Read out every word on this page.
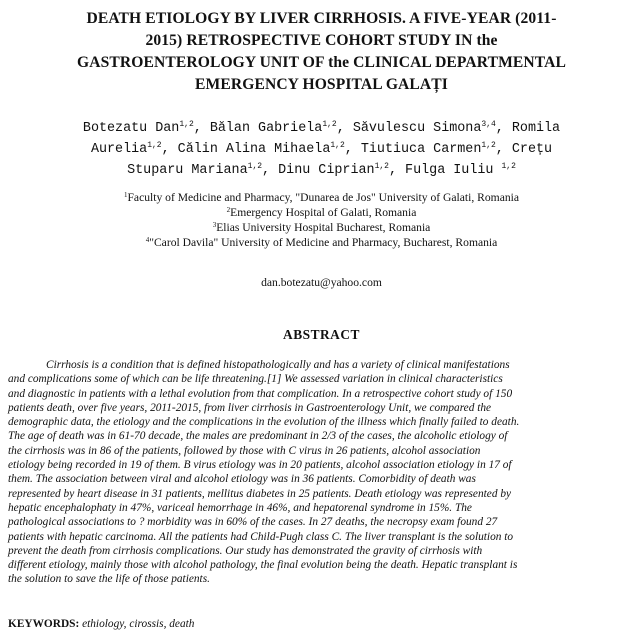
DEATH ETIOLOGY BY LIVER CIRRHOSIS. A FIVE-YEAR (2011-
2015) RETROSPECTIVE COHORT STUDY IN the
GASTROENTEROLOGY UNIT OF the CLINICAL DEPARTMENTAL
EMERGENCY HOSPITAL GALAȚI
Botezatu Dan$^{1,2}$, Bălan Gabriela$^{1,2}$, Săvulescu Simona$^{3,4}$, Romila
Aurelia$^{1,2}$, Călin Alina Mihaela$^{1,2}$, Tiutiuca Carmen$^{1,2}$, Crețu
Stuparu Mariana$^{1,2}$, Dinu Ciprian$^{1,2}$, Fulga Iuliu $^{1,2}$
$^1$Faculty of Medicine and Pharmacy, "Dunarea de Jos" University of Galati, Romania
$^2$Emergency Hospital of Galati, Romania
$^3$Elias University Hospital Bucharest, Romania
$^4$"Carol Davila" University of Medicine and Pharmacy, Bucharest, Romania
dan.botezatu@yahoo.com
ABSTRACT
Cirrhosis is a condition that is defined histopathologically and has a variety of clinical manifestations
and complications some of which can be life threatening.[1] We assessed variation in clinical characteristics
and diagnostic in patients with a lethal evolution from that complication. In a retrospective cohort study of 150
patients death, over five years, 2011-2015, from liver cirrhosis in Gastroenterology Unit, we compared the
demographic data, the etiology and the complications in the evolution of the illness which finally failed to death.
The age of death was in 61-70 decade, the males are predominant in 2/3 of the cases, the alcoholic etiology of
the cirrhosis was in 86 of the patients, followed by those with C virus in 26 patients, alcohol association
etiology being recorded in 19 of them. B virus etiology was in 20 patients, alcohol association etiology in 17 of
them. The association between viral and alcohol etiology was in 36 patients. Comorbidity of death was
represented by heart disease in 31 patients, mellitus diabetes in 25 patients. Death etiology was represented by
hepatic encephalophaty in 47%, variceal hemorrhage in 46%, and hepatorenal syndrome in 15%. The
pathological associations to ? morbidity was in 60% of the cases. In 27 deaths, the necropsy exam found 27
patients with hepatic carcinoma. All the patients had Child-Pugh class C. The liver transplant is the solution to
prevent the death from cirrhosis complications. Our study has demonstrated the gravity of cirrhosis with
different etiology, mainly those with alcohol pathology, the final evolution being the death. Hepatic transplant is
the solution to save the life of those patients.
KEYWORDS: ethiology, cirossis, death
